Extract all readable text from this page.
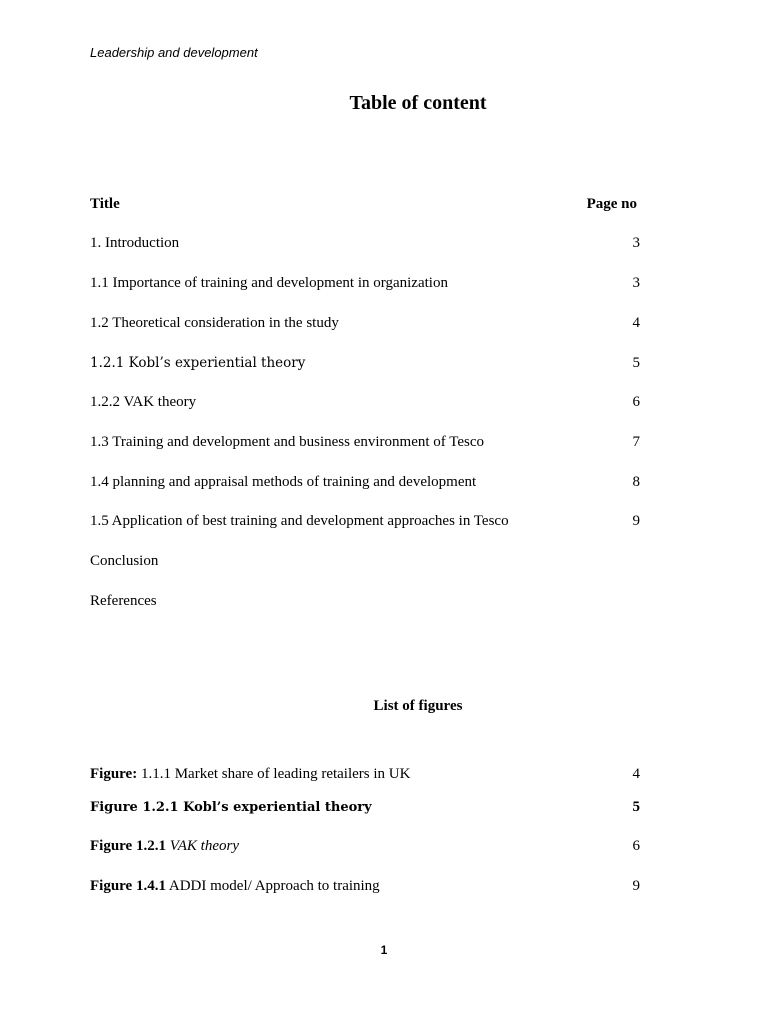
Leadership and development
Table of content
Title	Page no
1. Introduction	3
1.1 Importance of training and development in organization	3
1.2 Theoretical consideration in the study	4
1.2.1 Kobl’s experiential theory	5
1.2.2 VAK theory	6
1.3 Training and development and business environment of Tesco	7
1.4 planning and appraisal methods of training and development	8
1.5 Application of best training and development approaches in Tesco	9
Conclusion
References
List of figures
Figure: 1.1.1 Market share of leading retailers in UK	4
Figure 1.2.1 Kobl’s experiential theory	5
Figure 1.2.1 VAK theory	6
Figure 1.4.1 ADDI model/ Approach to training	9
1
